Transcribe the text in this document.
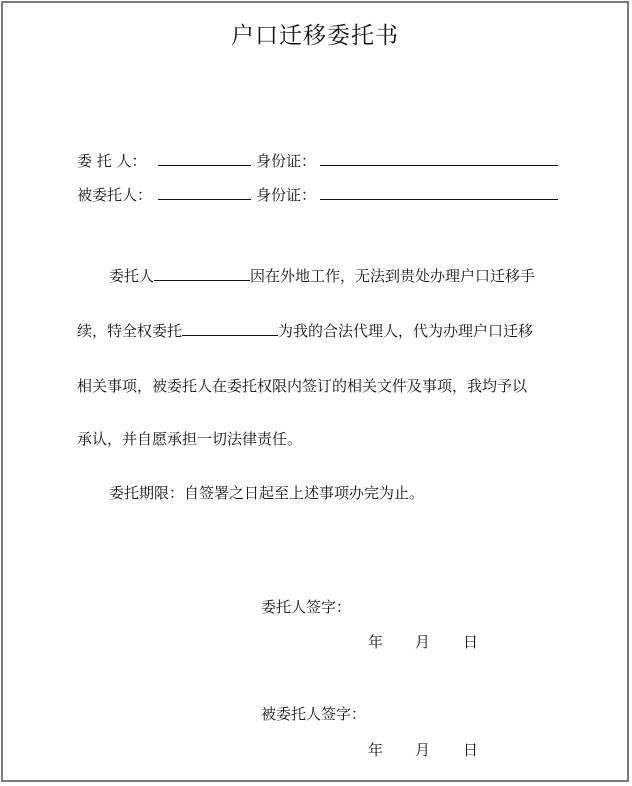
户口迁移委托书
委 托 人：	身份证：
被委托人：	身份证：
委托人	因在外地工作，无法到贵处办理户口迁移手
续，特全权委托	为我的合法代理人，代为办理户口迁移
相关事项，被委托人在委托权限内签订的相关文件及事项，我均予以
承认，并自愿承担一切法律责任。
委托期限：自签署之日起至上述事项办完为止。
委托人签字：
年 月 日
被委托人签字：
年 月 日
